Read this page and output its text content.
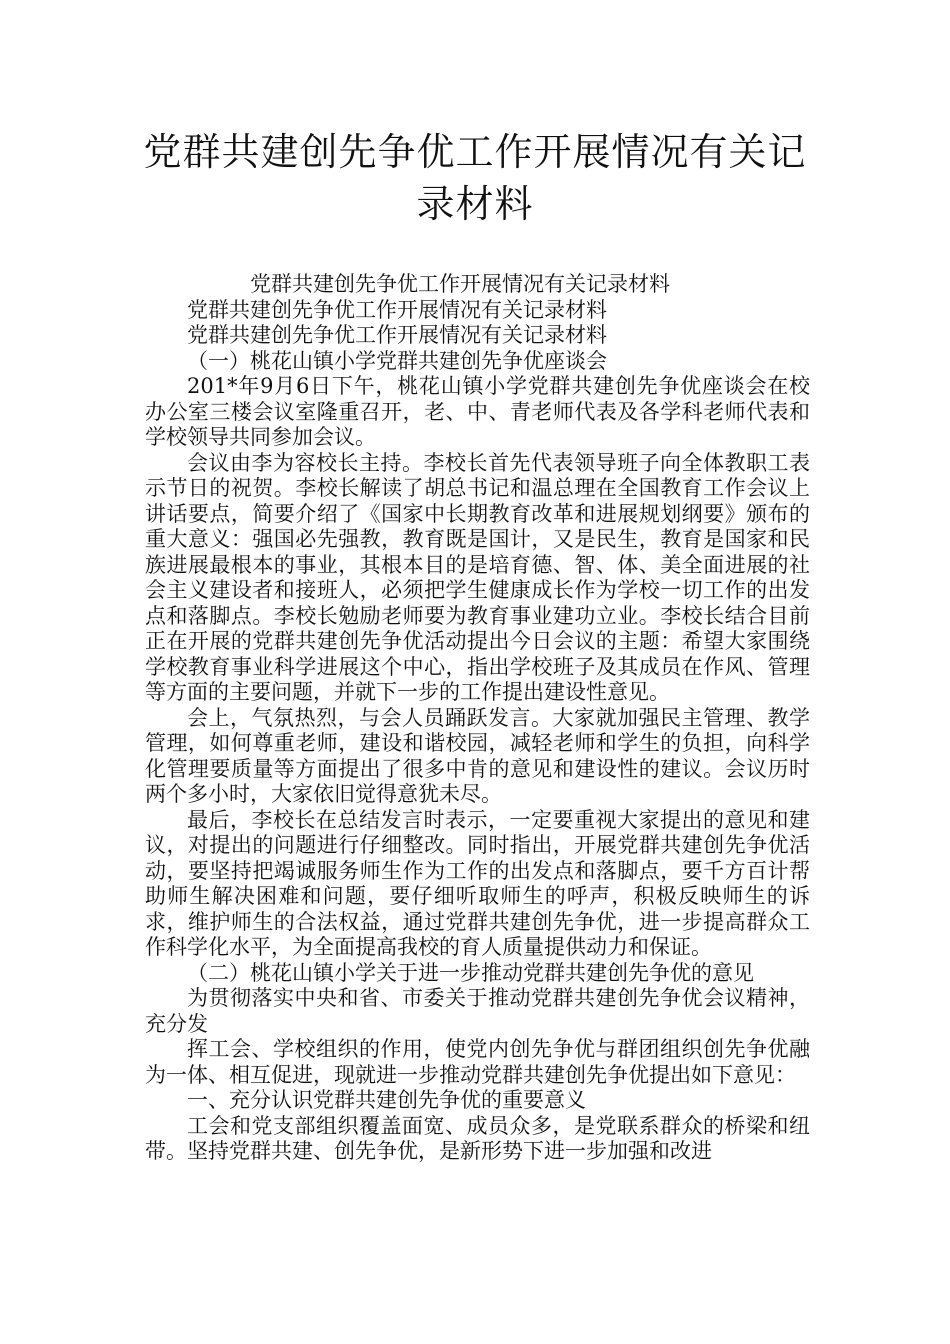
党群共建创先争优工作开展情况有关记录材料

党群共建创先争优工作开展情况有关记录材料

党群共建创先争优工作开展情况有关记录材料

党群共建创先争优工作开展情况有关记录材料

（一）桃花山镇小学党群共建创先争优座谈会

201*年9月6日下午，桃花山镇小学党群共建创先争优座谈会在校办公室三楼会议室隆重召开，老、中、青老师代表及各学科老师代表和学校领导共同参加会议。

会议由李为容校长主持。李校长首先代表领导班子向全体教职工表示节日的祝贺。李校长解读了胡总书记和温总理在全国教育工作会议上讲话要点，简要介绍了《国家中长期教育改革和进展规划纲要》颁布的重大意义：强国必先强教，教育既是国计，又是民生，教育是国家和民族进展最根本的事业，其根本目的是培育德、智、体、美全面进展的社会主义建设者和接班人，必须把学生健康成长作为学校一切工作的出发点和落脚点。李校长勉励老师要为教育事业建功立业。李校长结合目前正在开展的党群共建创先争优活动提出今日会议的主题：希望大家围绕学校教育事业科学进展这个中心，指出学校班子及其成员在作风、管理等方面的主要问题，并就下一步的工作提出建设性意见。

会上，气氛热烈，与会人员踊跃发言。大家就加强民主管理、教学管理，如何尊重老师，建设和谐校园，减轻老师和学生的负担，向科学化管理要质量等方面提出了很多中肯的意见和建设性的建议。会议历时两个多小时，大家依旧觉得意犹未尽。

最后，李校长在总结发言时表示，一定要重视大家提出的意见和建议，对提出的问题进行仔细整改。同时指出，开展党群共建创先争优活动，要坚持把竭诚服务师生作为工作的出发点和落脚点，要千方百计帮助师生解决困难和问题，要仔细听取师生的呼声，积极反映师生的诉求，维护师生的合法权益，通过党群共建创先争优，进一步提高群众工作科学化水平，为全面提高我校的育人质量提供动力和保证。

（二）桃花山镇小学关于进一步推动党群共建创先争优的意见

为贯彻落实中央和省、市委关于推动党群共建创先争优会议精神，充分发

挥工会、学校组织的作用，使党内创先争优与群团组织创先争优融为一体、相互促进，现就进一步推动党群共建创先争优提出如下意见：

一、充分认识党群共建创先争优的重要意义

工会和党支部组织覆盖面宽、成员众多，是党联系群众的桥梁和纽带。坚持党群共建、创先争优，是新形势下进一步加强和改进
